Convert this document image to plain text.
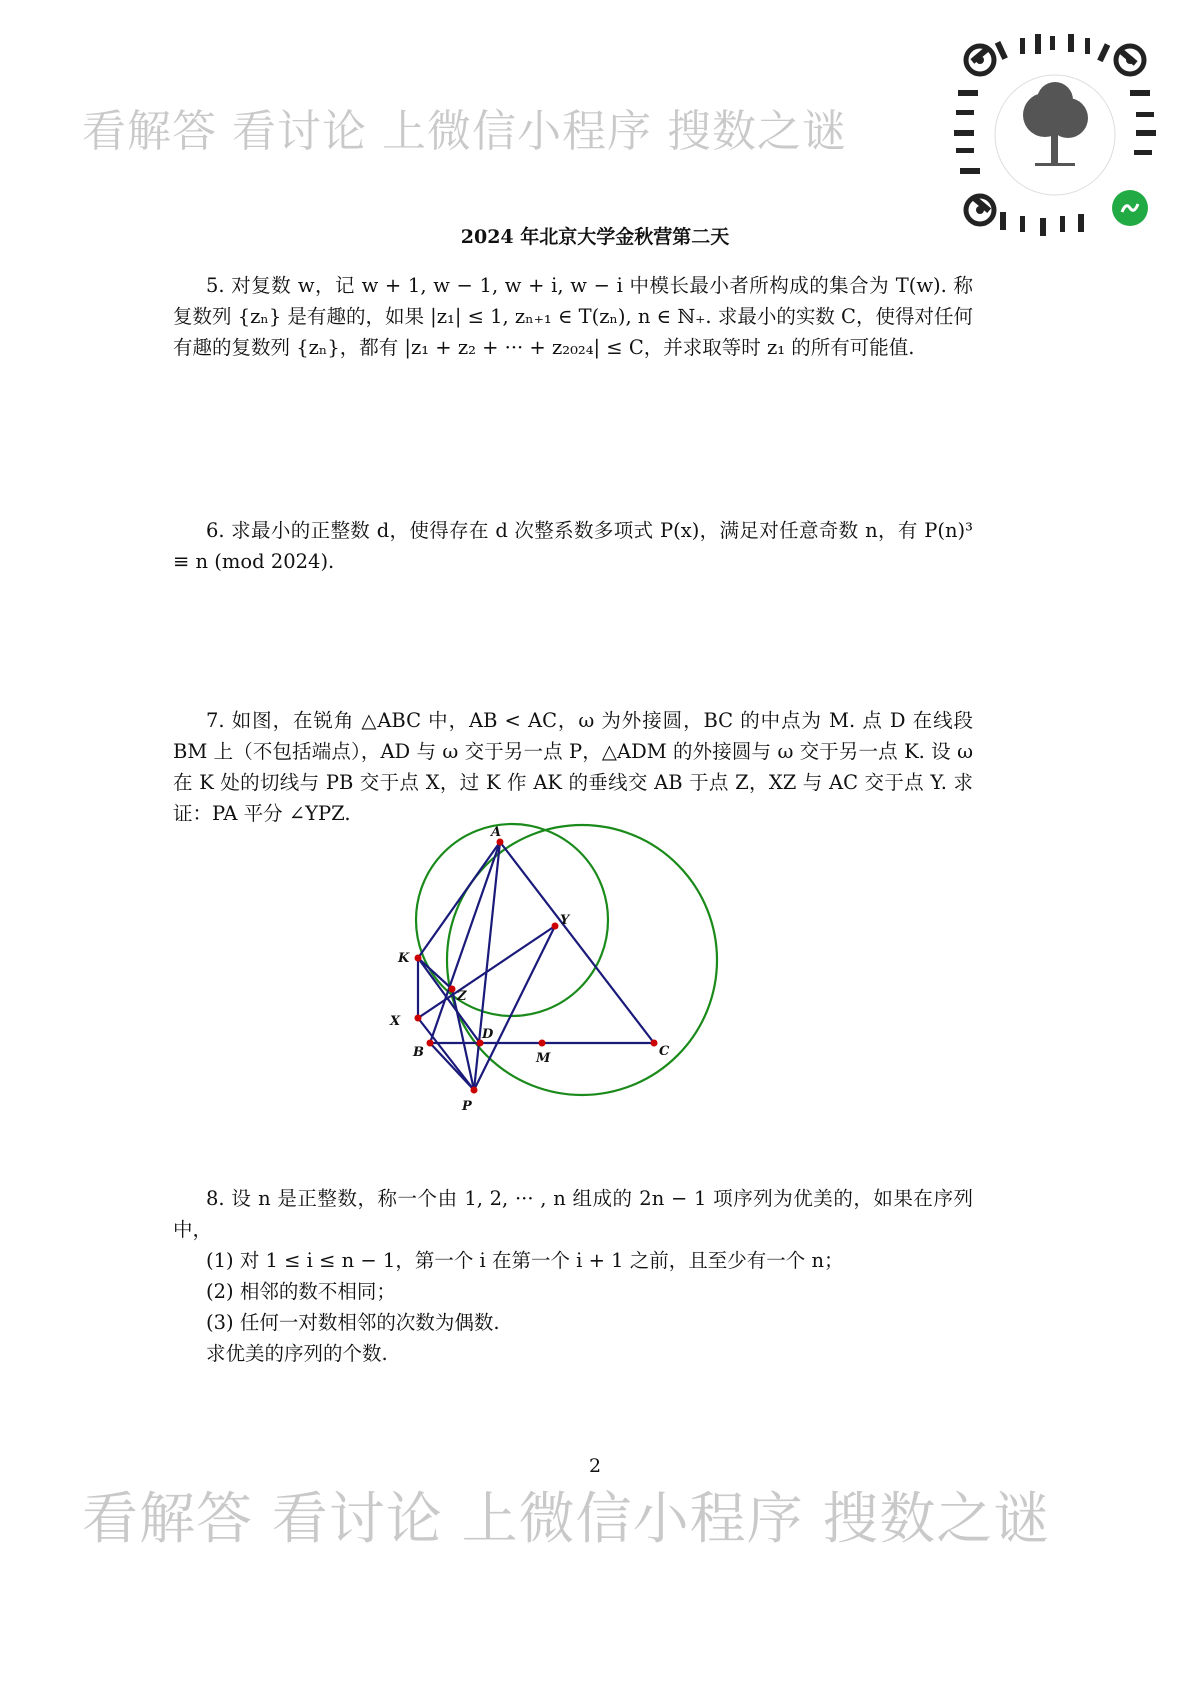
看解答 看讨论 上微信小程序 搜数之谜
2024 年北京大学金秋营第二天
5. 对复数 w，记 w + 1, w − 1, w + i, w − i 中模长最小者所构成的集合为 T(w). 称复数列 {zₙ} 是有趣的，如果 |z₁| ≤ 1, zₙ₊₁ ∈ T(zₙ), n ∈ ℕ₊. 求最小的实数 C，使得对任何有趣的复数列 {zₙ}，都有 |z₁ + z₂ + ··· + z₂₀₂₄| ≤ C，并求取等时 z₁ 的所有可能值.
6. 求最小的正整数 d，使得存在 d 次整系数多项式 P(x)，满足对任意奇数 n，有 P(n)³ ≡ n (mod 2024).
7. 如图，在锐角 △ABC 中，AB < AC，ω 为外接圆，BC 的中点为 M. 点 D 在线段 BM 上（不包括端点），AD 与 ω 交于另一点 P，△ADM 的外接圆与 ω 交于另一点 K. 设 ω 在 K 处的切线与 PB 交于点 X，过 K 作 AK 的垂线交 AB 于点 Z，XZ 与 AC 交于点 Y. 求证：PA 平分 ∠YPZ.
A
B	C
D
M
P
K
X
Y
Z
8. 设 n 是正整数，称一个由 1, 2, ··· , n 组成的 2n − 1 项序列为优美的，如果在序列中，
(1) 对 1 ≤ i ≤ n − 1，第一个 i 在第一个 i + 1 之前，且至少有一个 n；
(2) 相邻的数不相同；
(3) 任何一对数相邻的次数为偶数.
求优美的序列的个数.
2
看解答 看讨论 上微信小程序 搜数之谜
